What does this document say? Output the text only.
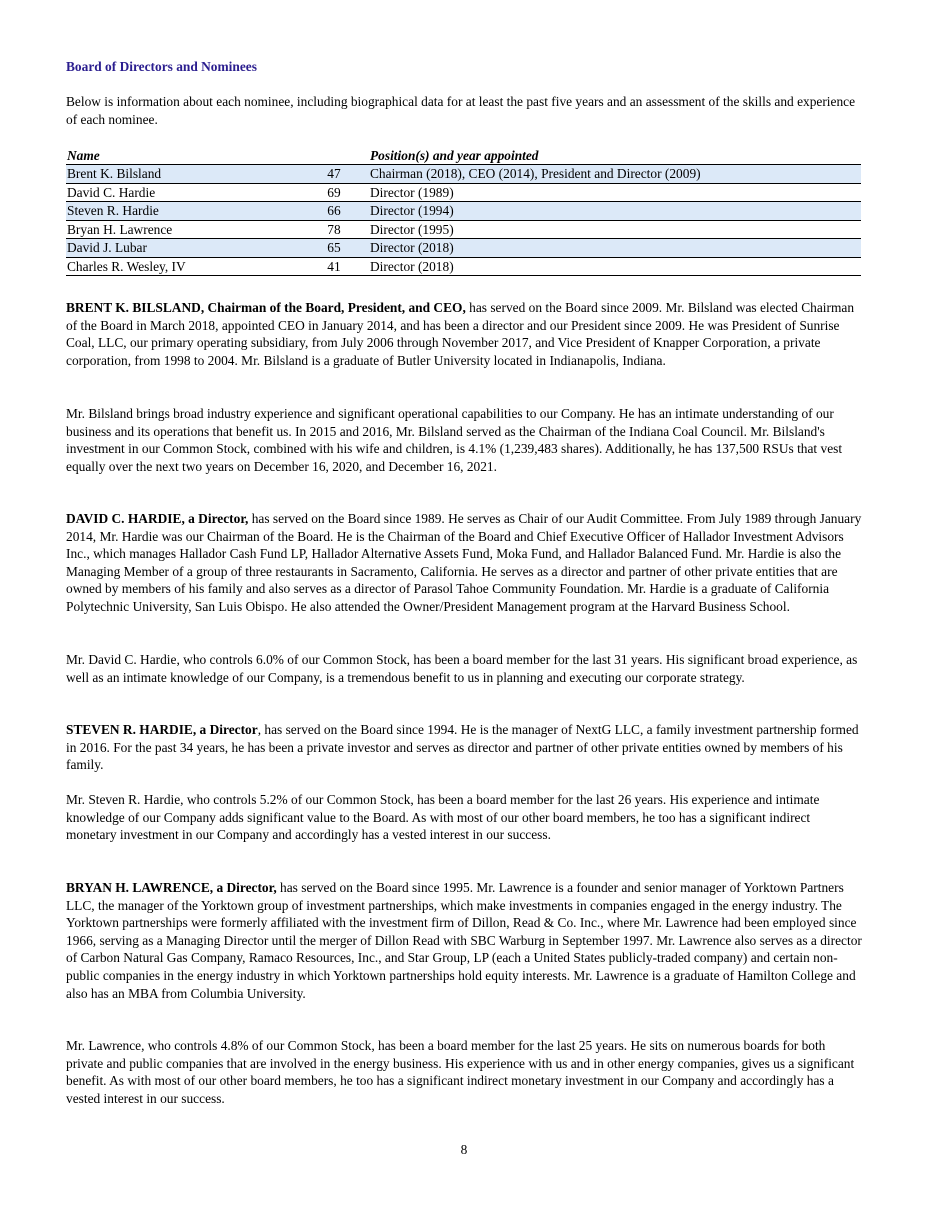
Board of Directors and Nominees

Below is information about each nominee, including biographical data for at least the past five years and an assessment of the skills and experience of each nominee.

Name		Position(s) and year appointed
Brent K. Bilsland	47	Chairman (2018), CEO (2014), President and Director (2009)
David C. Hardie	69	Director (1989)
Steven R. Hardie	66	Director (1994)
Bryan H. Lawrence	78	Director (1995)
David J. Lubar	65	Director (2018)
Charles R. Wesley, IV	41	Director (2018)

BRENT K. BILSLAND, Chairman of the Board, President, and CEO, has served on the Board since 2009. Mr. Bilsland was elected Chairman of the Board in March 2018, appointed CEO in January 2014, and has been a director and our President since 2009. He was President of Sunrise Coal, LLC, our primary operating subsidiary, from July 2006 through November 2017, and Vice President of Knapper Corporation, a private corporation, from 1998 to 2004. Mr. Bilsland is a graduate of Butler University located in Indianapolis, Indiana.

Mr. Bilsland brings broad industry experience and significant operational capabilities to our Company. He has an intimate understanding of our business and its operations that benefit us. In 2015 and 2016, Mr. Bilsland served as the Chairman of the Indiana Coal Council. Mr. Bilsland's investment in our Common Stock, combined with his wife and children, is 4.1% (1,239,483 shares). Additionally, he has 137,500 RSUs that vest equally over the next two years on December 16, 2020, and December 16, 2021.

DAVID C. HARDIE, a Director, has served on the Board since 1989. He serves as Chair of our Audit Committee. From July 1989 through January 2014, Mr. Hardie was our Chairman of the Board. He is the Chairman of the Board and Chief Executive Officer of Hallador Investment Advisors Inc., which manages Hallador Cash Fund LP, Hallador Alternative Assets Fund, Moka Fund, and Hallador Balanced Fund. Mr. Hardie is also the Managing Member of a group of three restaurants in Sacramento, California. He serves as a director and partner of other private entities that are owned by members of his family and also serves as a director of Parasol Tahoe Community Foundation. Mr. Hardie is a graduate of California Polytechnic University, San Luis Obispo. He also attended the Owner/President Management program at the Harvard Business School.

Mr. David C. Hardie, who controls 6.0% of our Common Stock, has been a board member for the last 31 years. His significant broad experience, as well as an intimate knowledge of our Company, is a tremendous benefit to us in planning and executing our corporate strategy.

STEVEN R. HARDIE, a Director, has served on the Board since 1994. He is the manager of NextG LLC, a family investment partnership formed in 2016. For the past 34 years, he has been a private investor and serves as director and partner of other private entities owned by members of his family.

Mr. Steven R. Hardie, who controls 5.2% of our Common Stock, has been a board member for the last 26 years. His experience and intimate knowledge of our Company adds significant value to the Board. As with most of our other board members, he too has a significant indirect monetary investment in our Company and accordingly has a vested interest in our success.

BRYAN H. LAWRENCE, a Director, has served on the Board since 1995. Mr. Lawrence is a founder and senior manager of Yorktown Partners LLC, the manager of the Yorktown group of investment partnerships, which make investments in companies engaged in the energy industry. The Yorktown partnerships were formerly affiliated with the investment firm of Dillon, Read & Co. Inc., where Mr. Lawrence had been employed since 1966, serving as a Managing Director until the merger of Dillon Read with SBC Warburg in September 1997. Mr. Lawrence also serves as a director of Carbon Natural Gas Company, Ramaco Resources, Inc., and Star Group, LP (each a United States publicly-traded company) and certain non-public companies in the energy industry in which Yorktown partnerships hold equity interests. Mr. Lawrence is a graduate of Hamilton College and also has an MBA from Columbia University.

Mr. Lawrence, who controls 4.8% of our Common Stock, has been a board member for the last 25 years. He sits on numerous boards for both private and public companies that are involved in the energy business. His experience with us and in other energy companies, gives us a significant benefit. As with most of our other board members, he too has a significant indirect monetary investment in our Company and accordingly has a vested interest in our success.

8
